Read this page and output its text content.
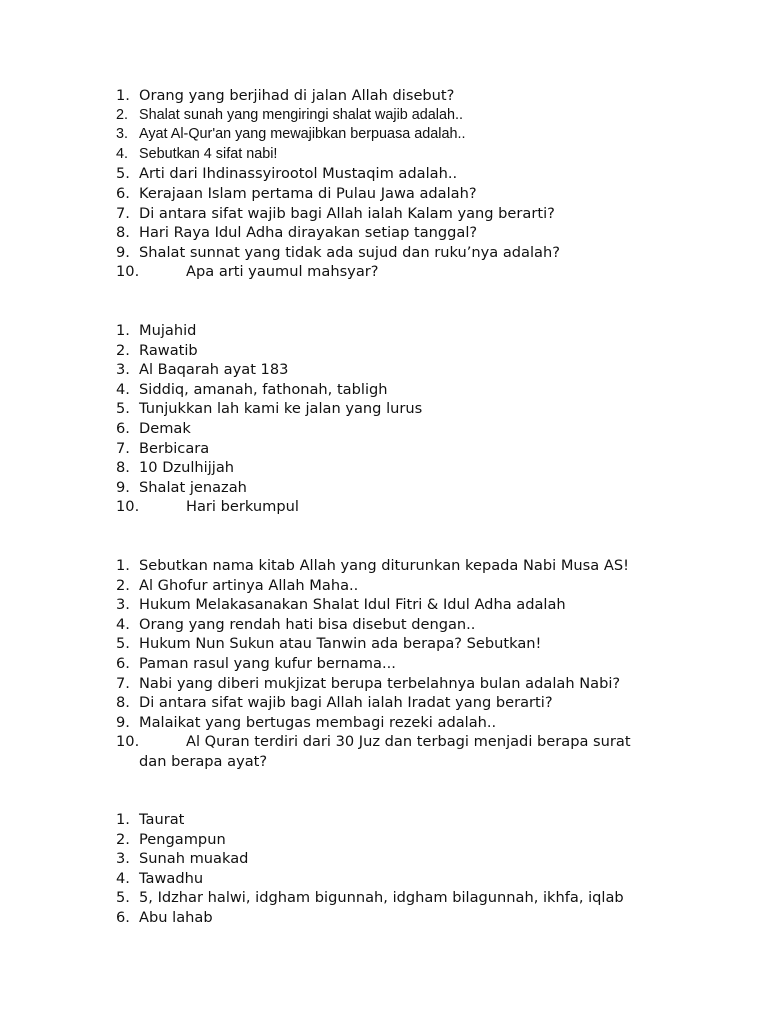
1. Orang yang berjihad di jalan Allah disebut?
2. Shalat sunah yang mengiringi shalat wajib adalah..
3. Ayat Al-Qur'an yang mewajibkan berpuasa adalah..
4. Sebutkan 4 sifat nabi!
5. Arti dari Ihdinassyirootol Mustaqim adalah..
6. Kerajaan Islam pertama di Pulau Jawa adalah?
7. Di antara sifat wajib bagi Allah ialah Kalam yang berarti?
8. Hari Raya Idul Adha dirayakan setiap tanggal?
9. Shalat sunnat yang tidak ada sujud dan ruku’nya adalah?
10.	Apa arti yaumul mahsyar?
1. Mujahid
2. Rawatib
3. Al Baqarah ayat 183
4. Siddiq, amanah, fathonah, tabligh
5. Tunjukkan lah kami ke jalan yang lurus
6. Demak
7. Berbicara
8. 10 Dzulhijjah
9. Shalat jenazah
10.	Hari berkumpul
1. Sebutkan nama kitab Allah yang diturunkan kepada Nabi Musa AS!
2. Al Ghofur artinya Allah Maha..
3. Hukum Melakasanakan Shalat Idul Fitri & Idul Adha adalah
4. Orang yang rendah hati bisa disebut dengan..
5. Hukum Nun Sukun atau Tanwin ada berapa? Sebutkan!
6. Paman rasul yang kufur bernama...
7. Nabi yang diberi mukjizat berupa terbelahnya bulan adalah Nabi?
8. Di antara sifat wajib bagi Allah ialah Iradat yang berarti?
9. Malaikat yang bertugas membagi rezeki adalah..
10.	Al Quran terdiri dari 30 Juz dan terbagi menjadi berapa surat
dan berapa ayat?
1. Taurat
2. Pengampun
3. Sunah muakad
4. Tawadhu
5. 5, Idzhar halwi, idgham bigunnah, idgham bilagunnah, ikhfa, iqlab
6. Abu lahab
